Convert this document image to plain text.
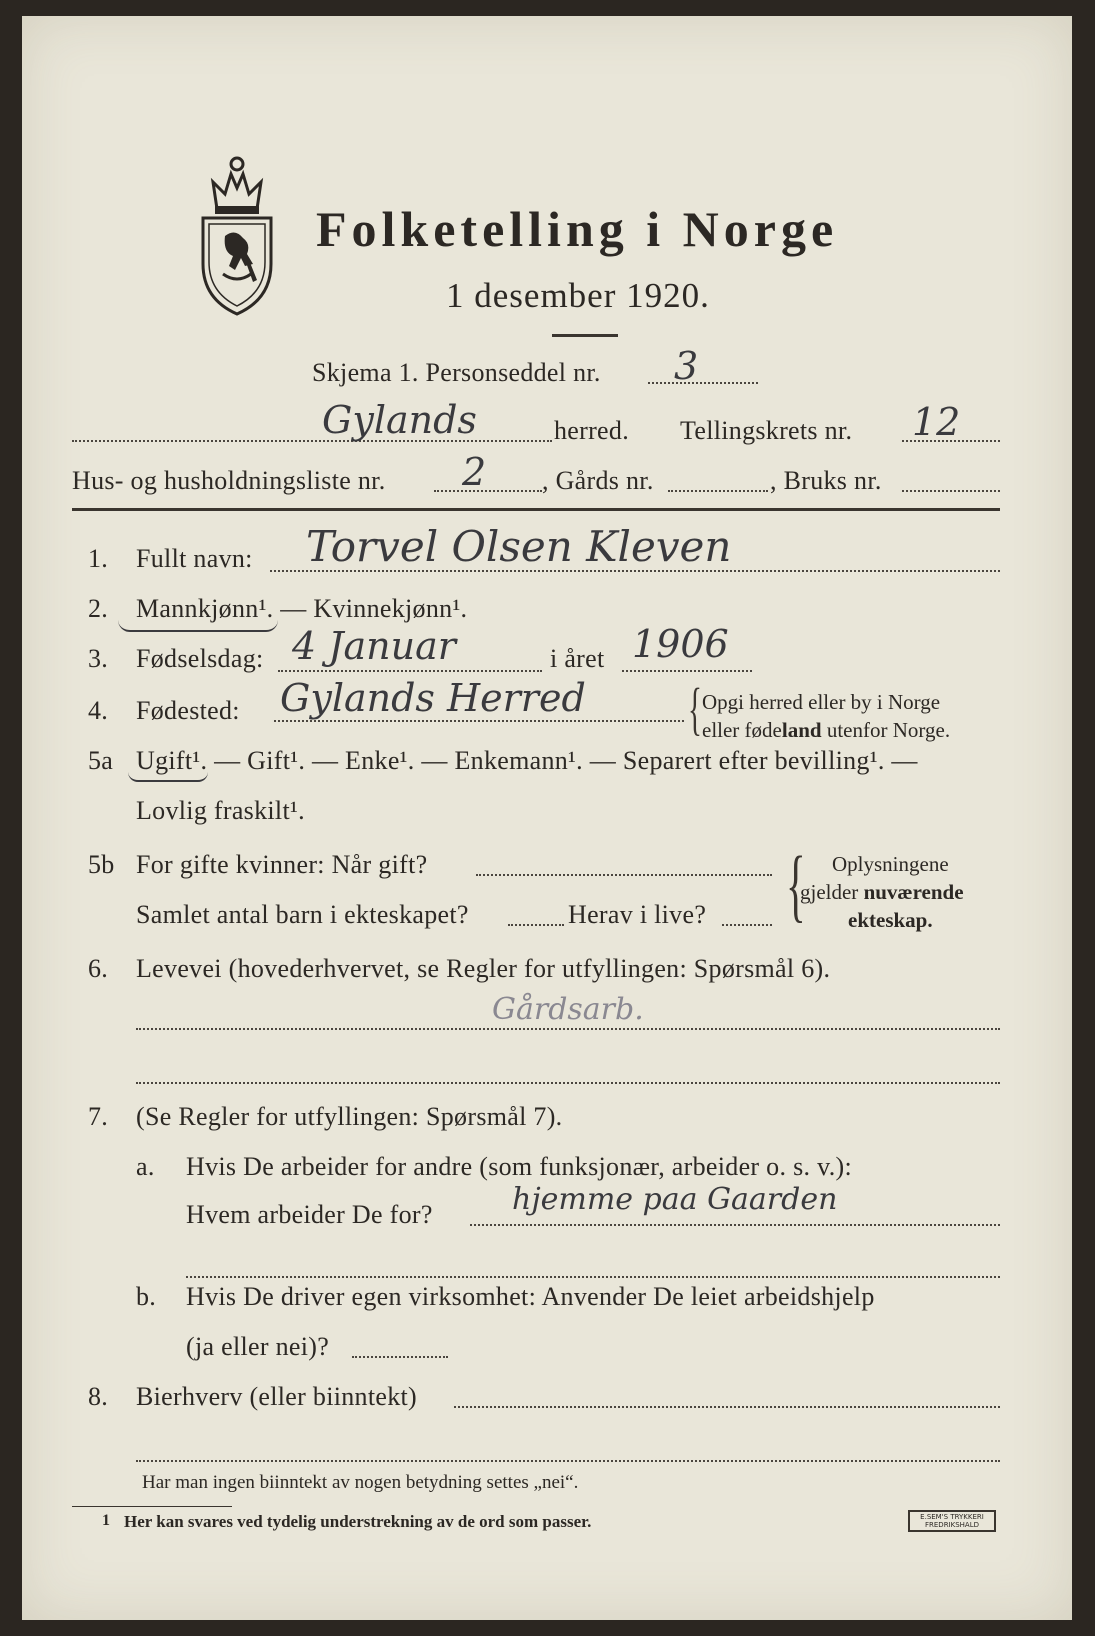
Folketelling i Norge
1 desember 1920.
Skjema 1. Personseddel nr. 3
Gylands	herred. Tellingskrets nr. 12
Hus- og husholdningsliste nr. 2 , Gårds nr.	, Bruks nr.
1. Fullt navn: Torvel Olsen Kleven
2. Mannkjønn¹. — Kvinnekjønn¹.
3. Fødselsdag: 4 Januar	i året 1906
4. Fødested: Gylands Herred { Opgi herred eller by i Norge
eller fødeland utenfor Norge.
5a Ugift¹. — Gift¹. — Enke¹. — Enkemann¹. — Separert efter bevilling¹. —
Lovlig fraskilt¹.
5b For gifte kvinner: Når gift?
Samlet antal barn i ekteskapet?	Herav i live? { Oplysningene
gjelder nuværende
ekteskap.
6. Levevei (hovederhvervet, se Regler for utfyllingen: Spørsmål 6).
Gårdsarb.
7. (Se Regler for utfyllingen: Spørsmål 7).
a. Hvis De arbeider for andre (som funksjonær, arbeider o. s. v.):
Hvem arbeider De for?	hjemme paa Gaarden
b. Hvis De driver egen virksomhet: Anvender De leiet arbeidshjelp
(ja eller nei)?
8. Bierhverv (eller biinntekt)
Har man ingen biinntekt av nogen betydning settes „nei“.
1 Her kan svares ved tydelig understrekning av de ord som passer.	E.SEM'S TRYKKERI
FREDRIKSHALD
